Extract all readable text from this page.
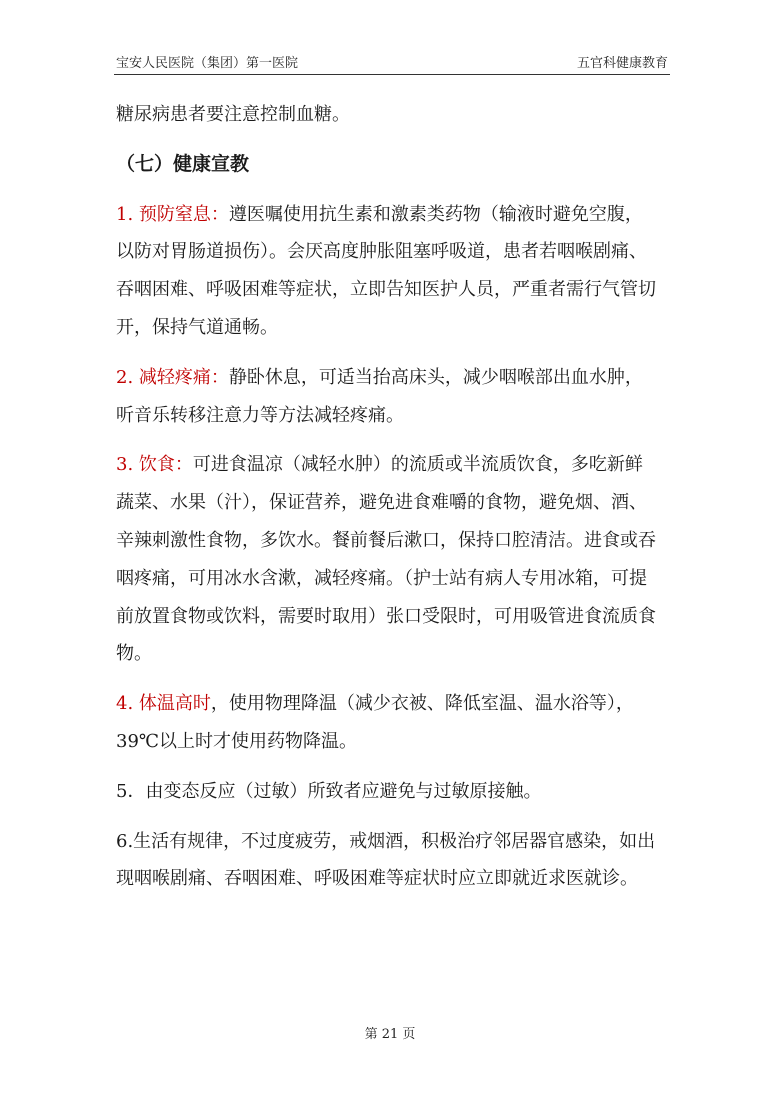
宝安人民医院（集团）第一医院	五官科健康教育

糖尿病患者要注意控制血糖。

（七）健康宣教

1. 预防窒息：遵医嘱使用抗生素和激素类药物（输液时避免空腹，

以防对胃肠道损伤）。会厌高度肿胀阻塞呼吸道，患者若咽喉剧痛、

吞咽困难、呼吸困难等症状，立即告知医护人员，严重者需行气管切

开，保持气道通畅。

2. 减轻疼痛：静卧休息，可适当抬高床头，减少咽喉部出血水肿，

听音乐转移注意力等方法减轻疼痛。

3. 饮食：可进食温凉（减轻水肿）的流质或半流质饮食，多吃新鲜

蔬菜、水果（汁），保证营养，避免进食难嚼的食物，避免烟、酒、

辛辣刺激性食物，多饮水。餐前餐后漱口，保持口腔清洁。进食或吞

咽疼痛，可用冰水含漱，减轻疼痛。（护士站有病人专用冰箱，可提

前放置食物或饮料，需要时取用）张口受限时，可用吸管进食流质食

物。

4. 体温高时，使用物理降温（减少衣被、降低室温、温水浴等），

39℃以上时才使用药物降温。

5．由变态反应（过敏）所致者应避免与过敏原接触。

6.生活有规律，不过度疲劳，戒烟酒，积极治疗邻居器官感染，如出

现咽喉剧痛、吞咽困难、呼吸困难等症状时应立即就近求医就诊。

第 21 页
